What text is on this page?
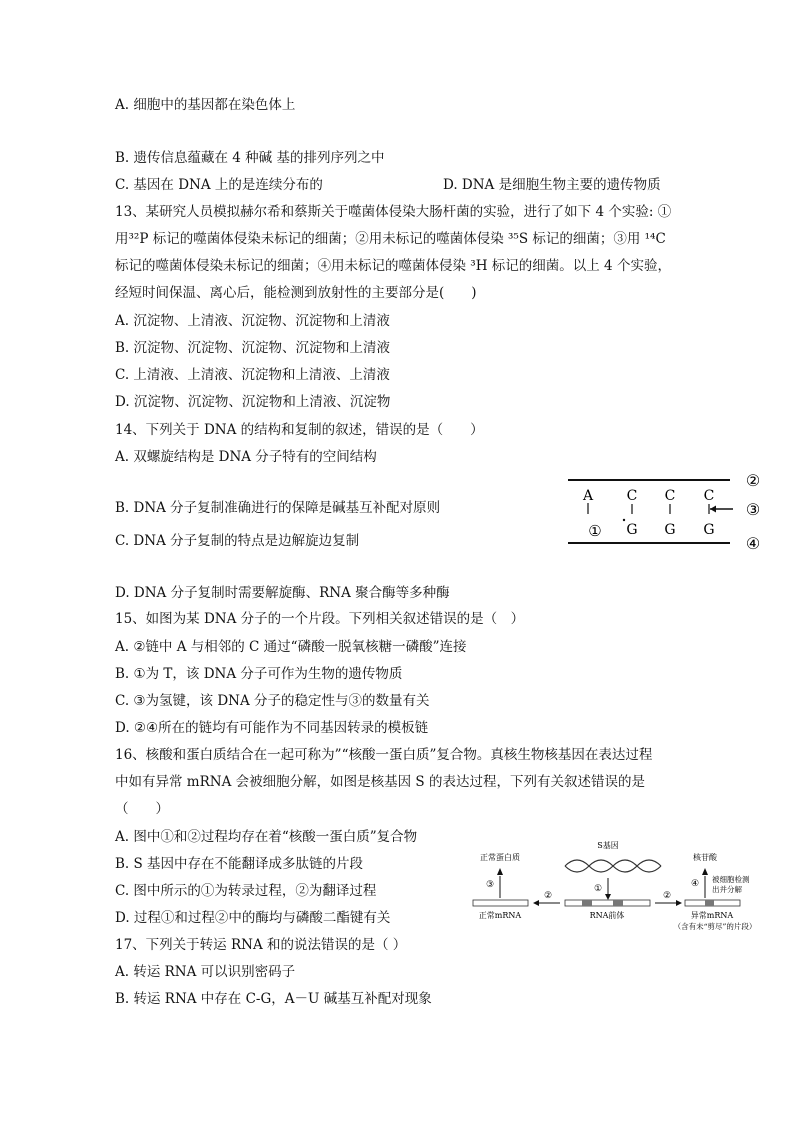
A. 细胞中的基因都在染色体上
B. 遗传信息蕴藏在 4 种碱 基的排列序列之中
C. 基因在 DNA 上的是连续分布的	D. DNA 是细胞生物主要的遗传物质
13、某研究人员模拟赫尔希和蔡斯关于噬菌体侵染大肠杆菌的实验，进行了如下 4 个实验: ①
用³²P 标记的噬菌体侵染未标记的细菌；②用未标记的噬菌体侵染 ³⁵S 标记的细菌；③用 ¹⁴C
标记的噬菌体侵染未标记的细菌；④用未标记的噬菌体侵染 ³H 标记的细菌。以上 4 个实验，
经短时间保温、离心后，能检测到放射性的主要部分是(　　)
A. 沉淀物、上清液、沉淀物、沉淀物和上清液
B. 沉淀物、沉淀物、沉淀物、沉淀物和上清液
C. 上清液、上清液、沉淀物和上清液、上清液
D. 沉淀物、沉淀物、沉淀物和上清液、沉淀物
14、下列关于 DNA 的结构和复制的叙述，错误的是（　　）
A. 双螺旋结构是 DNA 分子特有的空间结构
B. DNA 分子复制准确进行的保障是碱基互补配对原则
C. DNA 分子复制的特点是边解旋边复制
D. DNA 分子复制时需要解旋酶、RNA 聚合酶等多种酶
15、如图为某 DNA 分子的一个片段。下列相关叙述错误的是（　）
A. ②链中 A 与相邻的 C 通过“磷酸一脱氧核糖一磷酸”连接
B. ①为 T，该 DNA 分子可作为生物的遗传物质
C. ③为氢键，该 DNA 分子的稳定性与③的数量有关
D. ②④所在的链均有可能作为不同基因转录的模板链
16、核酸和蛋白质结合在一起可称为”“核酸一蛋白质”复合物。真核生物核基因在表达过程
中如有异常 mRNA 会被细胞分解，如图是核基因 S 的表达过程，下列有关叙述错误的是
（　　）
A. 图中①和②过程均存在着“核酸一蛋白质”复合物
B. S 基因中存在不能翻译成多肽链的片段
C. 图中所示的①为转录过程，②为翻译过程
D. 过程①和过程②中的酶均与磷酸二酯键有关
17、下列关于转运 RNA 和的说法错误的是（ ）
A. 转运 RNA 可以识别密码子
B. 转运 RNA 中存在 C-G，A－U 碱基互补配对现象
A C C C
① G G G
②
③
④
S基因
①
RNA前体
正常蛋白质
③
正常mRNA
②	②
异常mRNA
（含有未“剪尽”的片段）
核苷酸
④ 被细胞检测
出并分解
